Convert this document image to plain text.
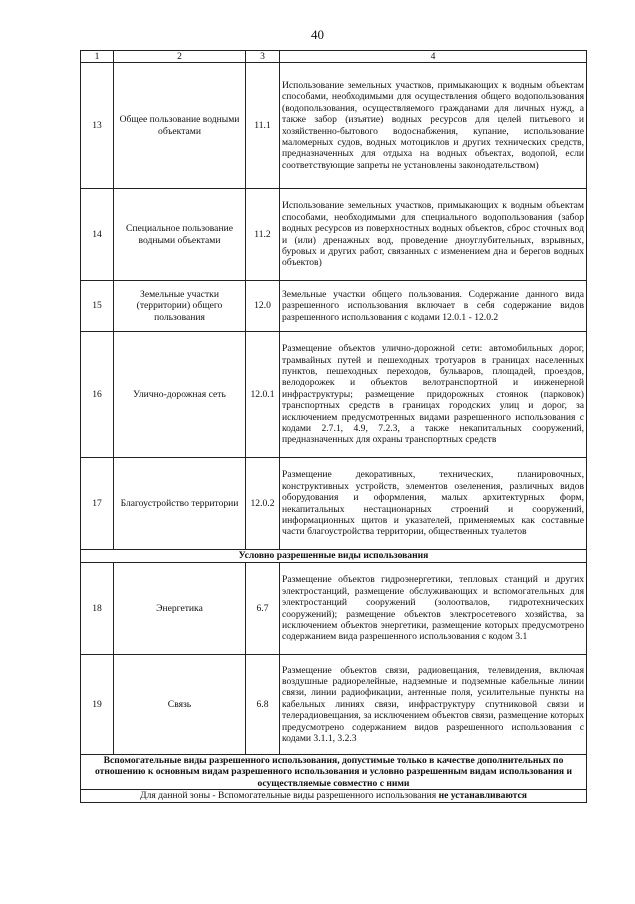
40
1	2	3	4
13	Общее пользование водными объектами	11.1	Использование земельных участков, примыкающих к водным объектам способами, необходимыми для осуществления общего водопользования (водопользования, осуществляемого гражданами для личных нужд, а также забор (изъятие) водных ресурсов для целей питьевого и хозяйственно-бытового водоснабжения, купание, использование маломерных судов, водных мотоциклов и других технических средств, предназначенных для отдыха на водных объектах, водопой, если соответствующие запреты не установлены законодательством)
14	Специальное пользование водными объектами	11.2	Использование земельных участков, примыкающих к водным объектам способами, необходимыми для специального водопользования (забор водных ресурсов из поверхностных водных объектов, сброс сточных вод и (или) дренажных вод, проведение дноуглубительных, взрывных, буровых и других работ, связанных с изменением дна и берегов водных объектов)
15	Земельные участки (территории) общего пользования	12.0	Земельные участки общего пользования. Содержание данного вида разрешенного использования включает в себя содержание видов разрешенного использования с кодами 12.0.1 - 12.0.2
16	Улично-дорожная сеть	12.0.1	Размещение объектов улично-дорожной сети: автомобильных дорог, трамвайных путей и пешеходных тротуаров в границах населенных пунктов, пешеходных переходов, бульваров, площадей, проездов, велодорожек и объектов велотранспортной и инженерной инфраструктуры; размещение придорожных стоянок (парковок) транспортных средств в границах городских улиц и дорог, за исключением предусмотренных видами разрешенного использования с кодами 2.7.1, 4.9, 7.2.3, а также некапитальных сооружений, предназначенных для охраны транспортных средств
17	Благоустройство территории	12.0.2	Размещение декоративных, технических, планировочных, конструктивных устройств, элементов озеленения, различных видов оборудования и оформления, малых архитектурных форм, некапитальных нестационарных строений и сооружений, информационных щитов и указателей, применяемых как составные части благоустройства территории, общественных туалетов
Условно разрешенные виды использования			
18	Энергетика	6.7	Размещение объектов гидроэнергетики, тепловых станций и других электростанций, размещение обслуживающих и вспомогательных для электростанций сооружений (золоотвалов, гидротехнических сооружений); размещение объектов электросетевого хозяйства, за исключением объектов энергетики, размещение которых предусмотрено содержанием вида разрешенного использования с кодом 3.1
19	Связь	6.8	Размещение объектов связи, радиовещания, телевидения, включая воздушные радиорелейные, надземные и подземные кабельные линии связи, линии радиофикации, антенные поля, усилительные пункты на кабельных линиях связи, инфраструктуру спутниковой связи и телерадиовещания, за исключением объектов связи, размещение которых предусмотрено содержанием видов разрешенного использования с кодами 3.1.1, 3.2.3
Вспомогательные виды разрешенного использования, допустимые только в качестве дополнительных по отношению к основным видам разрешенного использования и условно разрешенным видам использования и осуществляемые совместно с ними			
Для данной зоны - Вспомогательные виды разрешенного использования не устанавливаются			
